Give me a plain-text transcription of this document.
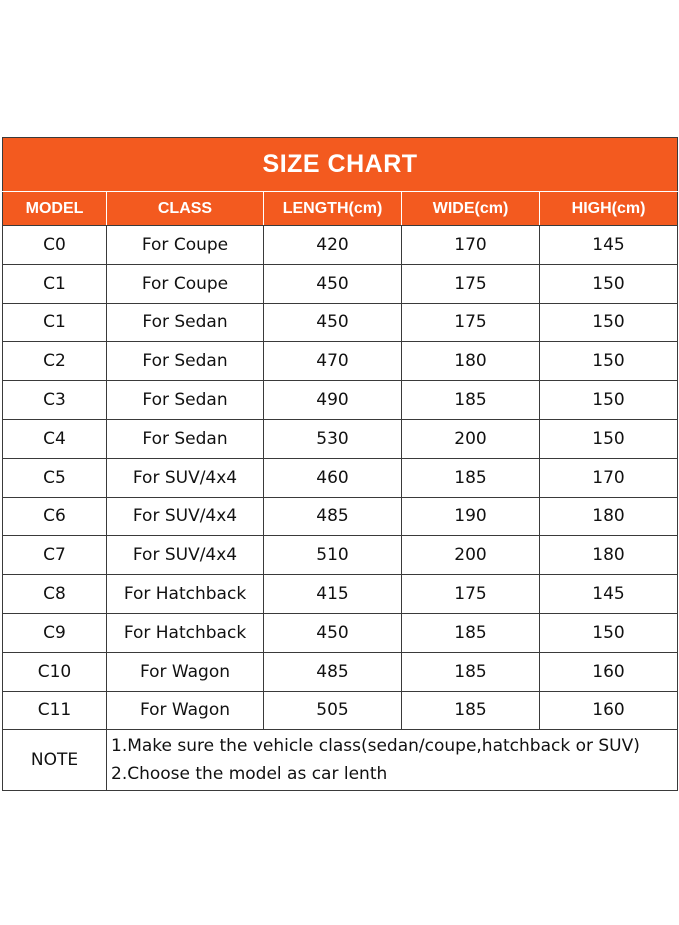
SIZE CHART				
MODEL	CLASS	LENGTH(cm)	WIDE(cm)	HIGH(cm)
C0	For Coupe	420	170	145
C1	For Coupe	450	175	150
C1	For Sedan	450	175	150
C2	For Sedan	470	180	150
C3	For Sedan	490	185	150
C4	For Sedan	530	200	150
C5	For SUV/4x4	460	185	170
C6	For SUV/4x4	485	190	180
C7	For SUV/4x4	510	200	180
C8	For Hatchback	415	175	145
C9	For Hatchback	450	185	150
C10	For Wagon	485	185	160
C11	For Wagon	505	185	160
NOTE	1.Make sure the vehicle class(sedan/coupe,hatchback or SUV)
2.Choose the model as car lenth			
